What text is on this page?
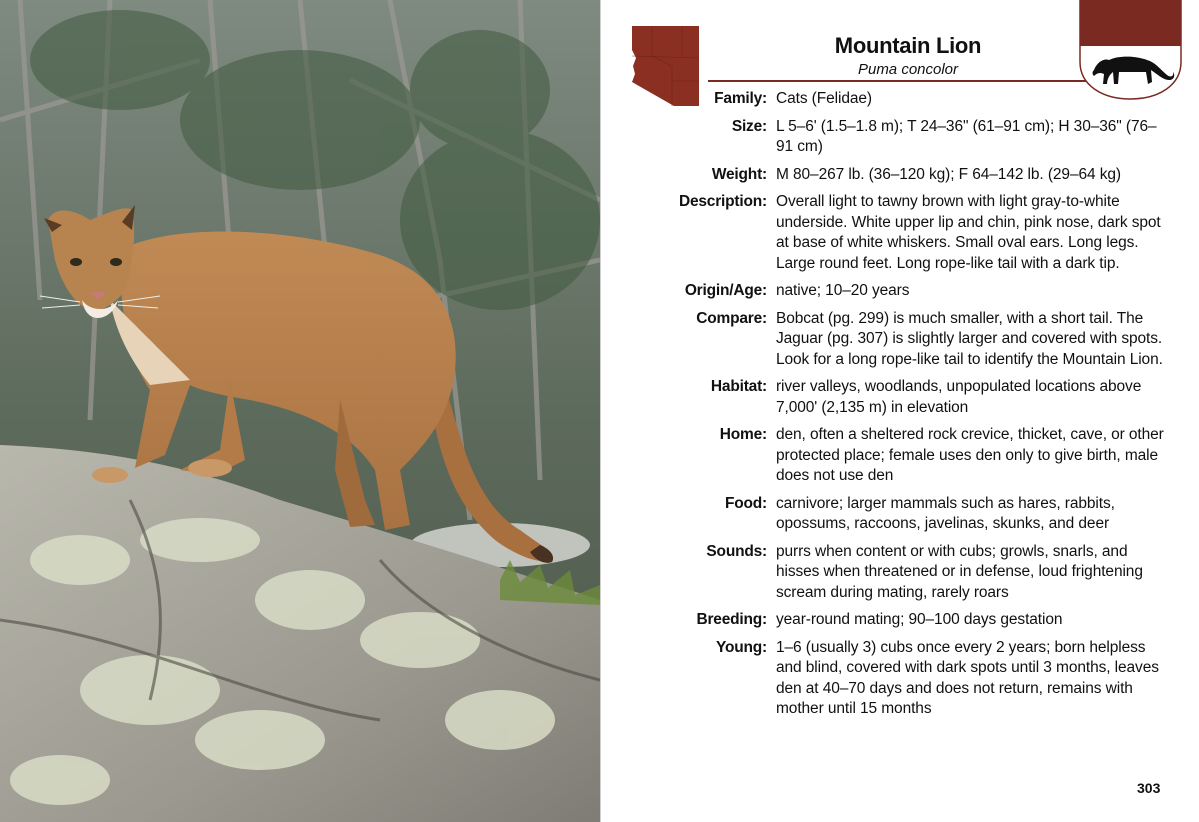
Mountain Lion
Puma concolor
Family: Cats (Felidae)
Size: L 5–6' (1.5–1.8 m); T 24–36" (61–91 cm); H 30–36" (76–91 cm)
Weight: M 80–267 lb. (36–120 kg); F 64–142 lb. (29–64 kg)
Description: Overall light to tawny brown with light gray-to-white underside. White upper lip and chin, pink nose, dark spot at base of white whiskers. Small oval ears. Long legs. Large round feet. Long rope-like tail with a dark tip.
Origin/Age: native; 10–20 years
Compare: Bobcat (pg. 299) is much smaller, with a short tail. The Jaguar (pg. 307) is slightly larger and covered with spots. Look for a long rope-like tail to identify the Mountain Lion.
Habitat: river valleys, woodlands, unpopulated locations above 7,000' (2,135 m) in elevation
Home: den, often a sheltered rock crevice, thicket, cave, or other protected place; female uses den only to give birth, male does not use den
Food: carnivore; larger mammals such as hares, rabbits, opossums, raccoons, javelinas, skunks, and deer
Sounds: purrs when content or with cubs; growls, snarls, and hisses when threatened or in defense, loud frightening scream during mating, rarely roars
Breeding: year-round mating; 90–100 days gestation
Young: 1–6 (usually 3) cubs once every 2 years; born helpless and blind, covered with dark spots until 3 months, leaves den at 40–70 days and does not return, remains with mother until 15 months
303
